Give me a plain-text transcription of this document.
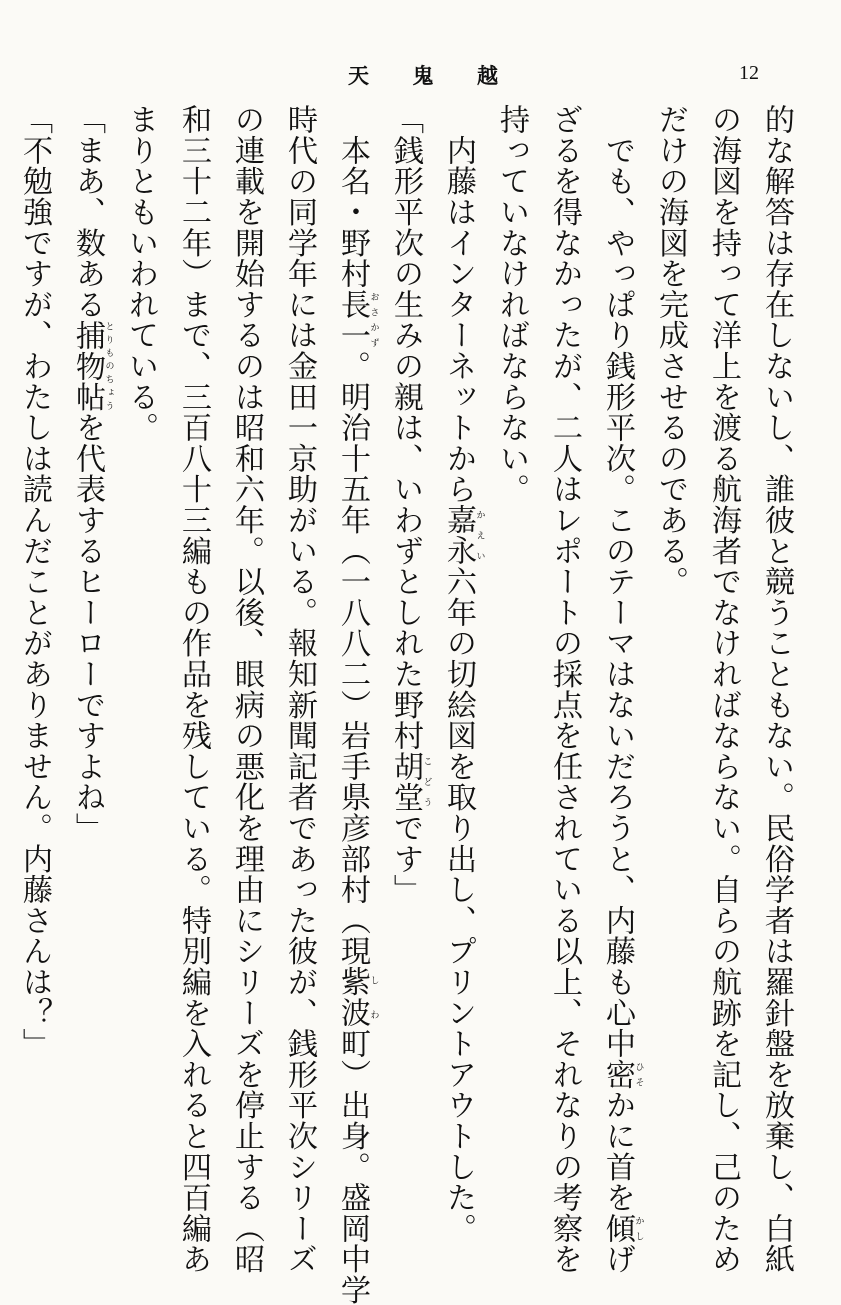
天 鬼 越	12
的な解答は存在しないし、誰彼と競うこともない。民俗学者は羅針盤を放棄し、白紙
の海図を持って洋上を渡る航海者でなければならない。自らの航跡を記し、己のため
だけの海図を完成させるのである。
　でも、やっぱり銭形平次。このテーマはないだろうと、内藤も心中密ひそかに首を傾かしげ
ざるを得なかったが、二人はレポートの採点を任されている以上、それなりの考察を
持っていなければならない。
　内藤はインターネットから嘉永かえい六年の切絵図を取り出し、プリントアウトした。
「銭形平次の生みの親は、いわずとしれた野村胡堂こどうです」
　本名・野村長一おさかず。明治十五年（一八八二）岩手県彦部村（現紫波しわ町）出身。盛岡中学
時代の同学年には金田一京助がいる。報知新聞記者であった彼が、銭形平次シリーズ
の連載を開始するのは昭和六年。以後、眼病の悪化を理由にシリーズを停止する（昭
和三十二年）まで、三百八十三編もの作品を残している。特別編を入れると四百編あ
まりともいわれている。
「まあ、数ある捕物帖とりものちょうを代表するヒーローですよね」
「不勉強ですが、わたしは読んだことがありません。内藤さんは？」
